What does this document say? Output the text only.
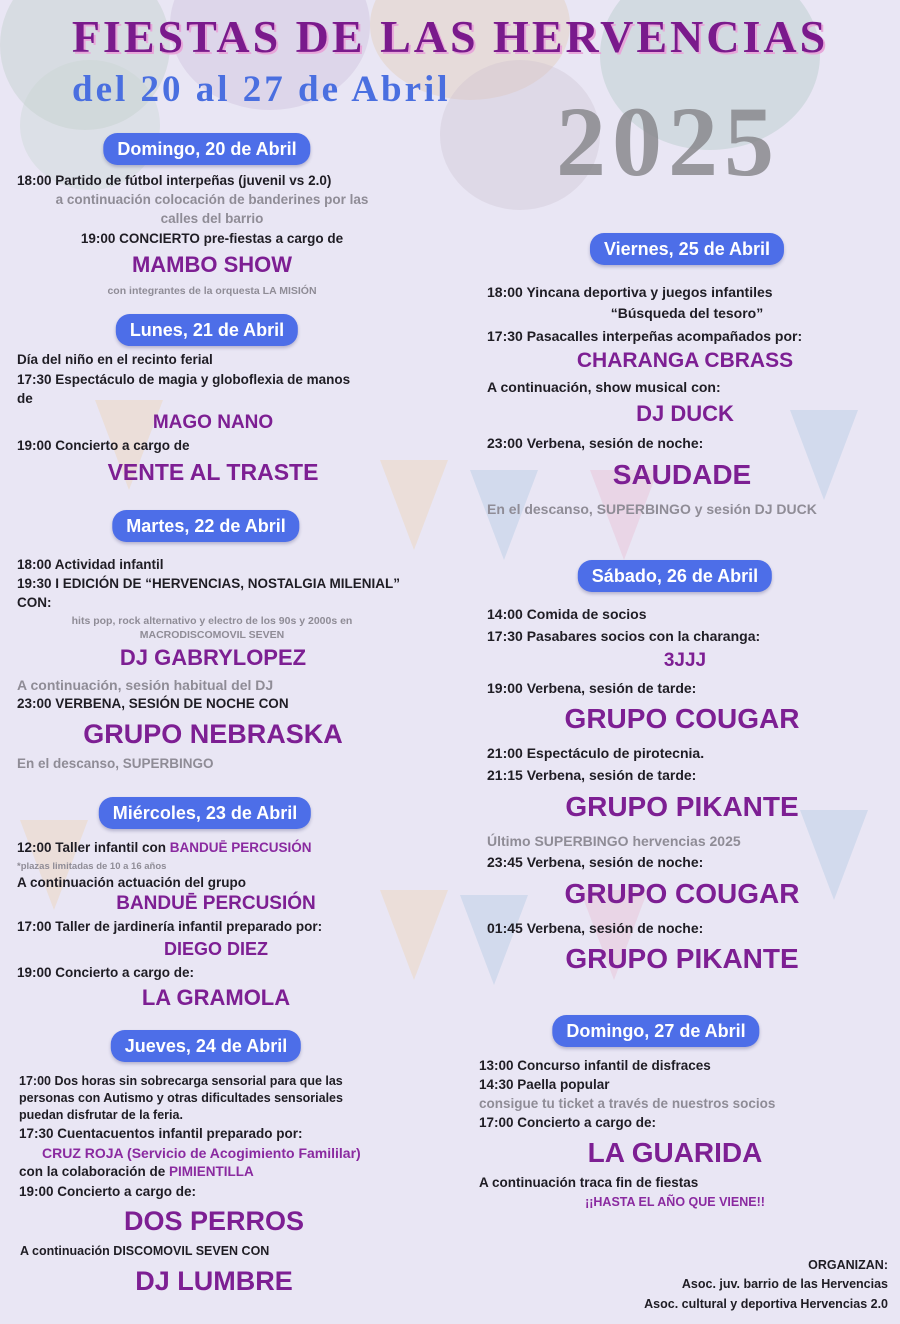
FIESTAS DE LAS HERVENCIAS
del 20 al 27 de Abril 2025
Domingo, 20 de Abril
18:00 Partido de fútbol interpeñas (juvenil vs 2.0)
a continuación colocación de banderines por las
calles del barrio
19:00 CONCIERTO pre-fiestas a cargo de
MAMBO SHOW
con integrantes de la orquesta LA MISIÓN
Lunes, 21 de Abril
Día del niño en el recinto ferial
17:30 Espectáculo de magia y globoflexia de manos
de
MAGO NANO
19:00 Concierto a cargo de
VENTE AL TRASTE
Martes, 22 de Abril
18:00 Actividad infantil
19:30 I EDICIÓN DE “HERVENCIAS, NOSTALGIA MILENIAL”
CON:
hits pop, rock alternativo y electro de los 90s y 2000s en
MACRODISCOMOVIL SEVEN
DJ GABRYLOPEZ
A continuación, sesión habitual del DJ
23:00 VERBENA, SESIÓN DE NOCHE CON
GRUPO NEBRASKA
En el descanso, SUPERBINGO
Miércoles, 23 de Abril
12:00 Taller infantil con BANDUĒ PERCUSIÓN
*plazas limitadas de 10 a 16 años
A continuación actuación del grupo
BANDUĒ PERCUSIÓN
17:00 Taller de jardinería infantil preparado por:
DIEGO DIEZ
19:00 Concierto a cargo de:
LA GRAMOLA
Jueves, 24 de Abril
17:00 Dos horas sin sobrecarga sensorial para que las
personas con Autismo y otras dificultades sensoriales
puedan disfrutar de la feria.
17:30 Cuentacuentos infantil preparado por:
CRUZ ROJA (Servicio de Acogimiento Famililar)
con la colaboración de PIMIENTILLA
19:00 Concierto a cargo de:
DOS PERROS
A continuación DISCOMOVIL SEVEN CON
DJ LUMBRE
Viernes, 25 de Abril
18:00 Yincana deportiva y juegos infantiles
“Búsqueda del tesoro”
17:30 Pasacalles interpeñas acompañados por:
CHARANGA CBRASS
A continuación, show musical con:
DJ DUCK
23:00 Verbena, sesión de noche:
SAUDADE
En el descanso, SUPERBINGO y sesión DJ DUCK
Sábado, 26 de Abril
14:00 Comida de socios
17:30 Pasabares socios con la charanga:
3JJJ
19:00 Verbena, sesión de tarde:
GRUPO COUGAR
21:00 Espectáculo de pirotecnia.
21:15 Verbena, sesión de tarde:
GRUPO PIKANTE
Último SUPERBINGO hervencias 2025
23:45 Verbena, sesión de noche:
GRUPO COUGAR
01:45 Verbena, sesión de noche:
GRUPO PIKANTE
Domingo, 27 de Abril
13:00 Concurso infantil de disfraces
14:30 Paella popular
consigue tu ticket a través de nuestros socios
17:00 Concierto a cargo de:
LA GUARIDA
A continuación traca fin de fiestas
¡¡HASTA EL AÑO QUE VIENE!!
ORGANIZAN:
Asoc. juv. barrio de las Hervencias
Asoc. cultural y deportiva Hervencias 2.0
